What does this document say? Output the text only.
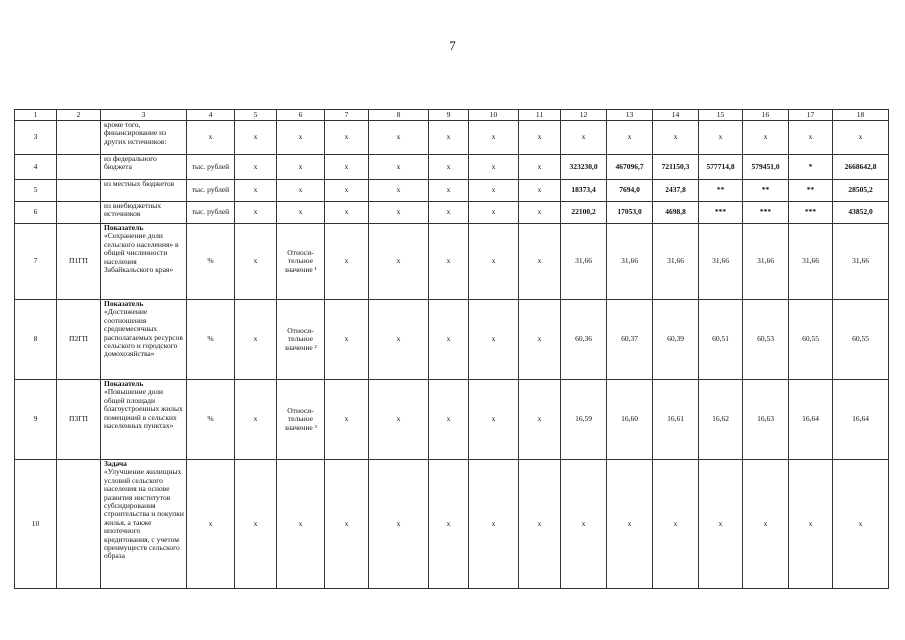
7
1	2	3	4	5	6	7	8	9	10	11	12	13	14	15	16	17	18
3		кроме того, финансирование из других источников:	х	х	х	х	х	х	х	х	х	х	х	х	х	х	х
4		из федерального бюджета	тыс. рублей	х	х	х	х	х	х	х	323230,0	467096,7	721150,3	577714,8	579451,0	*	2668642,8
5		из местных бюджетов	тыс. рублей	х	х	х	х	х	х	х	18373,4	7694,0	2437,8	**	**	**	28505,2
6		из внебюджетных источников	тыс. рублей	х	х	х	х	х	х	х	22100,2	17053,0	4698,8	***	***	***	43852,0
7	П1ГП	Показатель
«Сохранение доли сельского населения» в общей численности населения Забайкальского края»	%	х	Относи-тельное значение ¹	х	х	х	х	х	31,66	31,66	31,66	31,66	31,66	31,66	31,66
8	П2ГП	Показатель
«Достижение соотношения среднемесячных располагаемых ресурсов сельского и городского домохозяйства»	%	х	Относи-тельное значение ²	х	х	х	х	х	60,36	60,37	60,39	60,51	60,53	60,55	60,55
9	П3ГП	Показатель
«Повышение доли общей площади благоустроенных жилых помещений в сельских населенных пунктах»	%	х	Относи-тельное значение ³	х	х	х	х	х	16,59	16,60	16,61	16,62	16,63	16,64	16,64
10		Задача
«Улучшение жилищных условий сельского населения на основе развития институтов субсидирования строительства и покупки жилья, а также ипотечного кредитования, с учетом преимуществ сельского образа	х	х	х	х	х	х	х	х	х	х	х	х	х	х	х
